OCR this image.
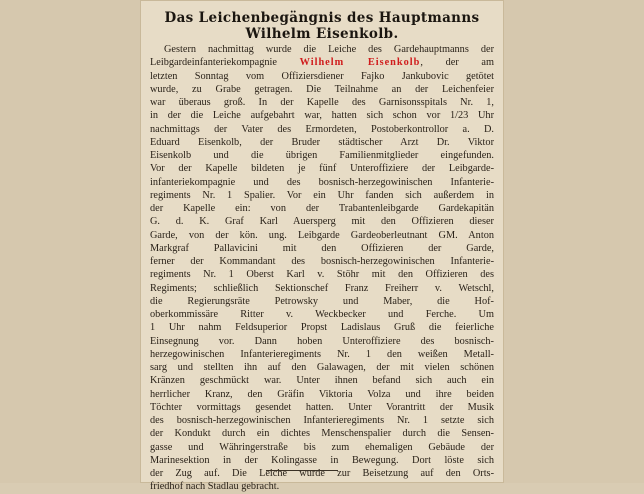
Das Leichenbegängnis des Hauptmanns Wilhelm Eisenkolb.
Gestern nachmittag wurde die Leiche des Gardehauptmanns der
Leibgardeinfanteriekompagnie Wilhelm Eisenkolb, der am
letzten Sonntag vom Offiziersdiener Fajko Jankubovic getötet
wurde, zu Grabe getragen. Die Teilnahme an der Leichenfeier
war überaus groß. In der Kapelle des Garnisonsspitals Nr. 1,
in der die Leiche aufgebahrt war, hatten sich schon vor 1/23 Uhr
nachmittags der Vater des Ermordeten, Postoberkontrollor a. D.
Eduard Eisenkolb, der Bruder städtischer Arzt Dr. Viktor
Eisenkolb und die übrigen Familienmitglieder eingefunden.
Vor der Kapelle bildeten je fünf Unteroffiziere der Leibgarde-
infanteriekompagnie und des bosnisch-herzegowinischen Infanterie-
regiments Nr. 1 Spalier. Vor ein Uhr fanden sich außerdem in
der Kapelle ein: von der Trabantenleibgarde Gardekapitän
G. d. K. Graf Karl Auersperg mit den Offizieren dieser
Garde, von der kön. ung. Leibgarde Gardeoberleutnant GM. Anton
Markgraf Pallavicini mit den Offizieren der Garde,
ferner der Kommandant des bosnisch-herzegowinischen Infanterie-
regiments Nr. 1 Oberst Karl v. Stöhr mit den Offizieren des
Regiments; schließlich Sektionschef Franz Freiherr v. Wetschl,
die Regierungsräte Petrowsky und Maber, die Hof-
oberkommissäre Ritter v. Weckbecker und Ferche. Um
1 Uhr nahm Feldsuperior Propst Ladislaus Gruß die feierliche
Einsegnung vor. Dann hoben Unteroffiziere des bosnisch-
herzegowinischen Infanterieregiments Nr. 1 den weißen Metall-
sarg und stellten ihn auf den Galawagen, der mit vielen schönen
Kränzen geschmückt war. Unter ihnen befand sich auch ein
herrlicher Kranz, den Gräfin Viktoria Volza und ihre beiden
Töchter vormittags gesendet hatten. Unter Vorantritt der Musik
des bosnisch-herzegowinischen Infanterieregiments Nr. 1 setzte sich
der Kondukt durch ein dichtes Menschenspalier durch die Sensen-
gasse und Währingerstraße bis zum ehemaligen Gebäude der
Marinesektion in der Kolingasse in Bewegung. Dort löste sich
der Zug auf. Die Leiche wurde zur Beisetzung auf den Orts-
friedhof nach Stadlau gebracht.
